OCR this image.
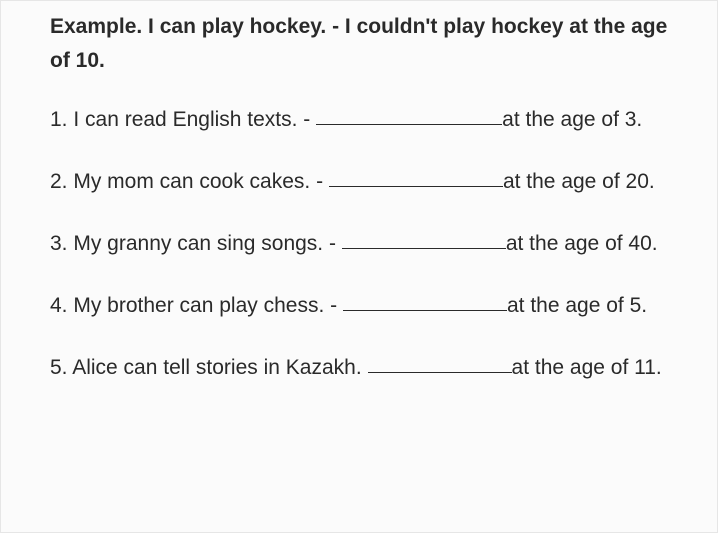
Example. I can play hockey. - I couldn't play hockey at the age of 10.
1. I can read English texts. -	at the age of 3.
2. My mom can cook cakes. -	at the age of 20.
3. My granny can sing songs. -	at the age of 40.
4. My brother can play chess. -	at the age of 5.
5. Alice can tell stories in Kazakh.	at the age of 11.
